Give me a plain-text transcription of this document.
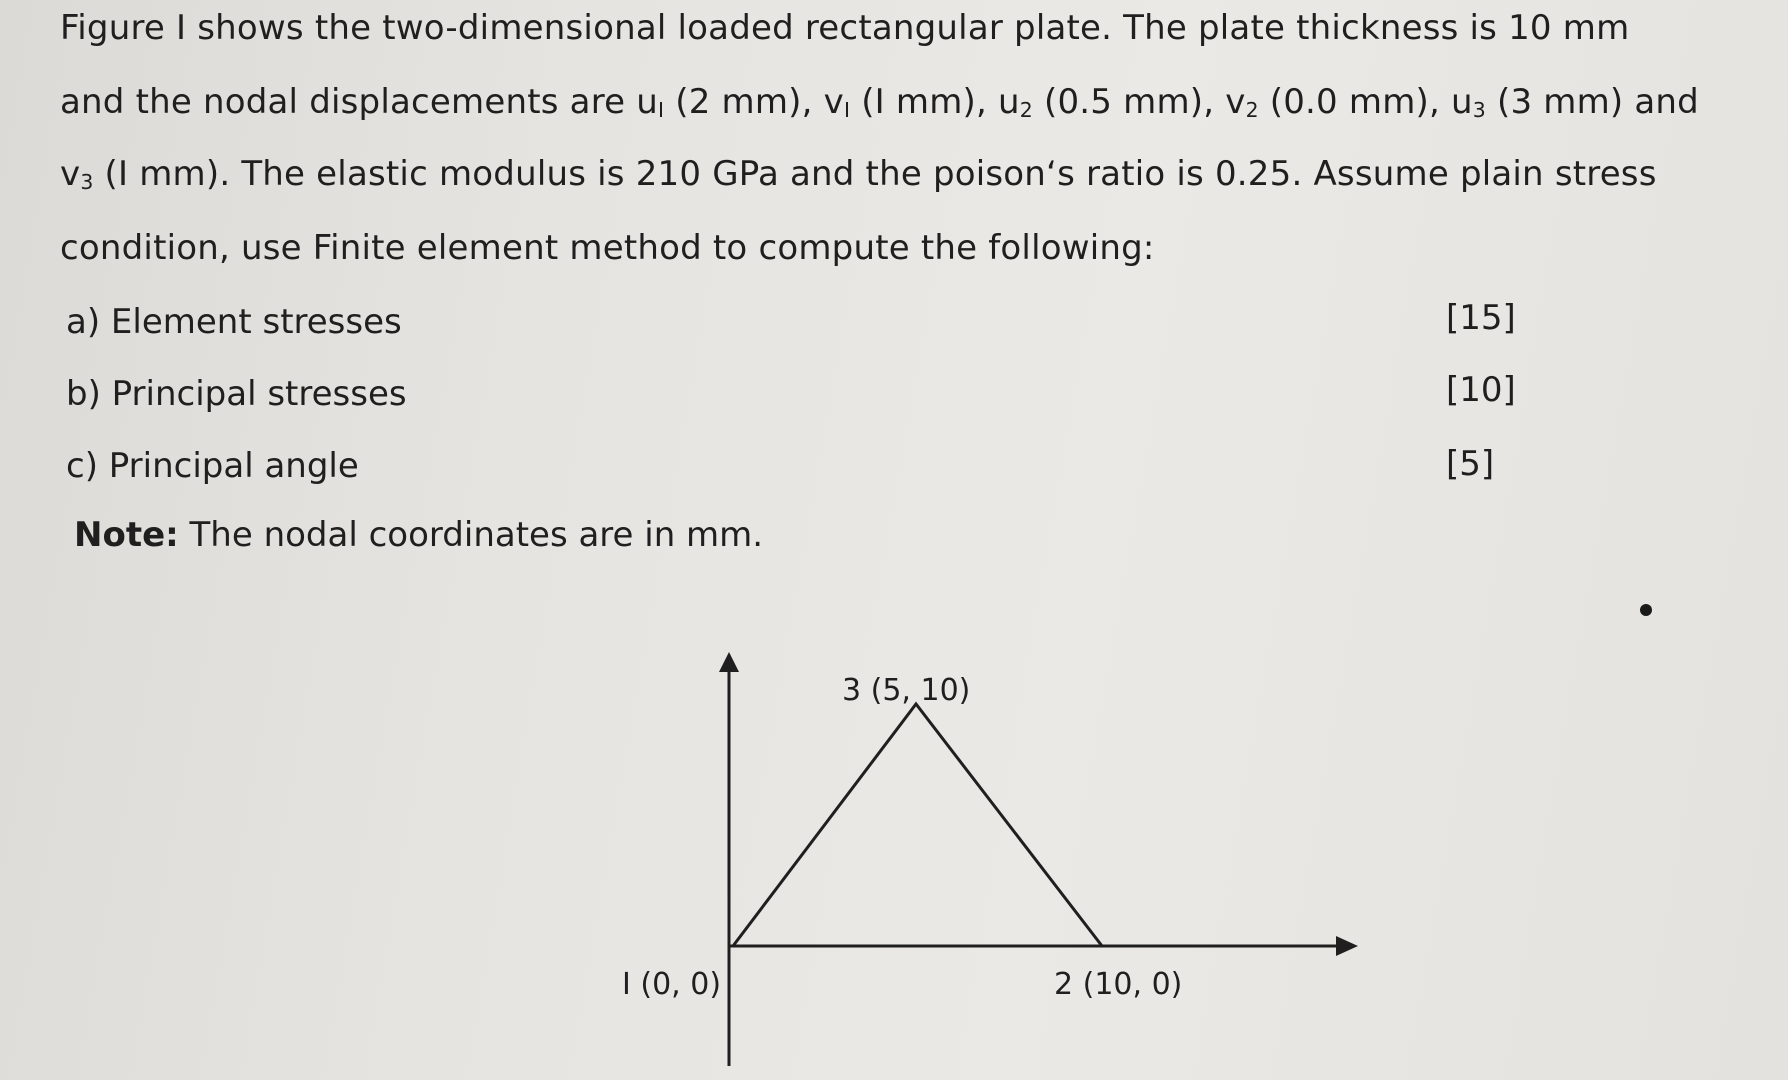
Figure I shows the two-dimensional loaded rectangular plate. The plate thickness is 10 mm
and the nodal displacements are $u_I$ (2 mm), $v_I$ (I mm), $u_2$ (0.5 mm), $v_2$ (0.0 mm), $u_3$ (3 mm) and
$v_3$ (I mm). The elastic modulus is 210 GPa and the poison‘s ratio is 0.25. Assume plain stress
condition, use Finite element method to compute the following:
a) Element stresses	[15]
b) Principal stresses	[10]
c) Principal angle	[5]
Note: The nodal coordinates are in mm.
I (0, 0)	2 (10, 0)
3 (5, 10)
